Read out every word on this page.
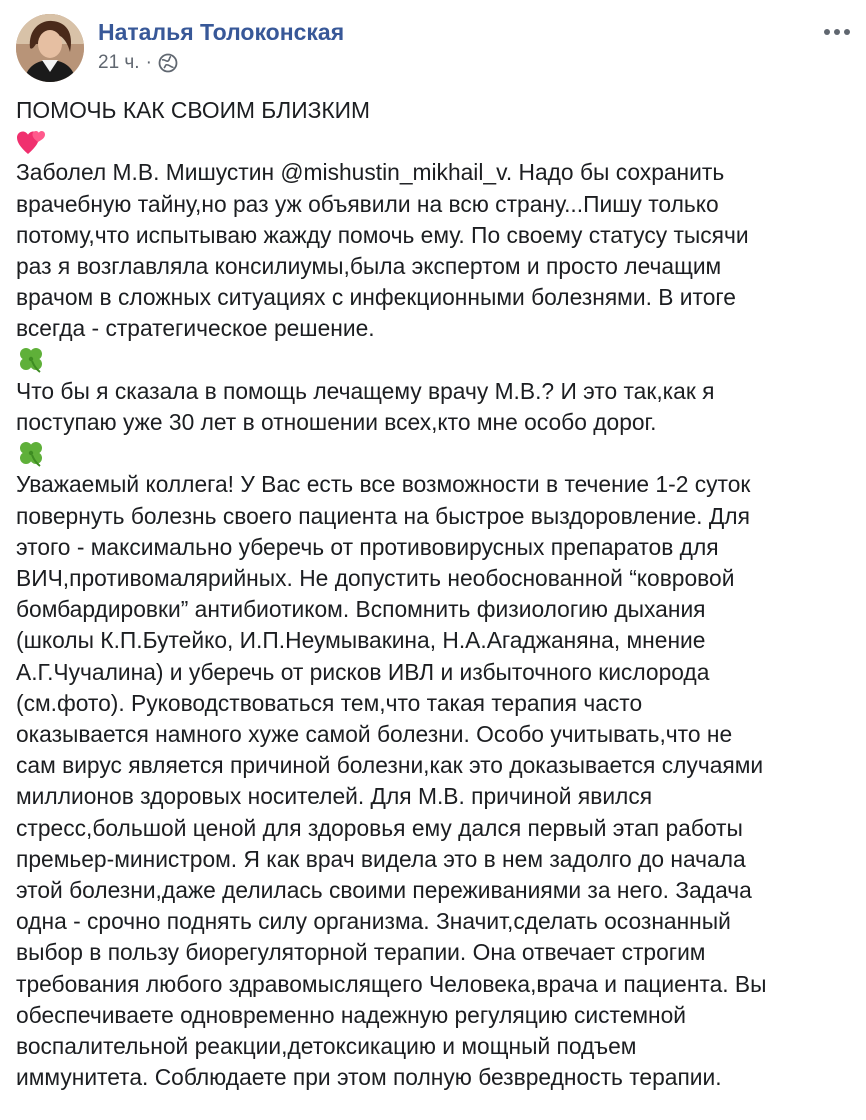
Наталья Толоконская
21 ч. ·

ПОМОЧЬ КАК СВОИМ БЛИЗКИМ

Заболел М.В. Мишустин @mishustin_mikhail_v. Надо бы сохранить

врачебную тайну,но раз уж объявили на всю страну...Пишу только

потому,что испытываю жажду помочь ему. По своему статусу тысячи

раз я возглавляла консилиумы,была экспертом и просто лечащим

врачом в сложных ситуациях с инфекционными болезнями. В итоге

всегда - стратегическое решение.

Что бы я сказала в помощь лечащему врачу М.В.? И это так,как я

поступаю уже 30 лет в отношении всех,кто мне особо дорог.

Уважаемый коллега! У Вас есть все возможности в течение 1-2 суток

повернуть болезнь своего пациента на быстрое выздоровление. Для

этого - максимально уберечь от противовирусных препаратов для

ВИЧ,противомалярийных. Не допустить необоснованной “ковровой

бомбардировки” антибиотиком. Вспомнить физиологию дыхания

(школы К.П.Бутейко, И.П.Неумывакина, Н.А.Агаджаняна, мнение

А.Г.Чучалина) и уберечь от рисков ИВЛ и избыточного кислорода

(см.фото). Руководствоваться тем,что такая терапия часто

оказывается намного хуже самой болезни. Особо учитывать,что не

сам вирус является причиной болезни,как это доказывается случаями

миллионов здоровых носителей. Для М.В. причиной явился

стресс,большой ценой для здоровья ему дался первый этап работы

премьер-министром. Я как врач видела это в нем задолго до начала

этой болезни,даже делилась своими переживаниями за него. Задача

одна - срочно поднять силу организма. Значит,сделать осознанный

выбор в пользу биорегуляторной терапии. Она отвечает строгим

требования любого здравомыслящего Человека,врача и пациента. Вы

обеспечиваете одновременно надежную регуляцию системной

воспалительной реакции,детоксикацию и мощный подъем

иммунитета. Соблюдаете при этом полную безвредность терапии.
